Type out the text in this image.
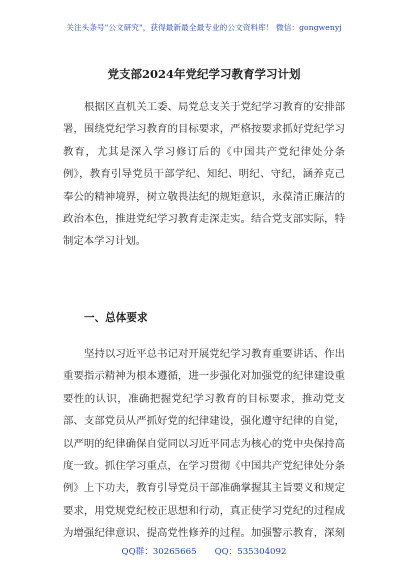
关注头条号"公文研究"，获得最新最全最专业的公文资料库！ 微信：gongwenyj
党支部2024年党纪学习教育学习计划

根据区直机关工委、局党总支关于党纪学习教育的安排部署，围绕党纪学习教育的目标要求，严格按要求抓好党纪学习教育，尤其是深入学习修订后的《中国共产党纪律处分条例》，教育引导党员干部学纪、知纪、明纪、守纪，涵养克己奉公的精神境界，树立敬畏法纪的规矩意识，永葆清正廉洁的政治本色，推进党纪学习教育走深走实。结合党支部实际，特制定本学习计划。

一、总体要求

坚持以习近平总书记对开展党纪学习教育重要讲话、作出重要指示精神为根本遵循，进一步强化对加强党的纪律建设重要性的认识，准确把握党纪学习教育的目标要求，推动党支部、支部党员从严抓好党的纪律建设，强化遵守纪律的自觉，以严明的纪律确保自觉同以习近平同志为核心的党中央保持高度一致。抓住学习重点，在学习贯彻《中国共产党纪律处分条例》上下功夫，教育引导党员干部准确掌握其主旨要义和规定要求，用党规党纪校正思想和行动，真正使学习党纪的过程成为增强纪律意识、提高党性修养的过程。加强警示教育，深刻

QQ群：30265665 QQ：535304092
